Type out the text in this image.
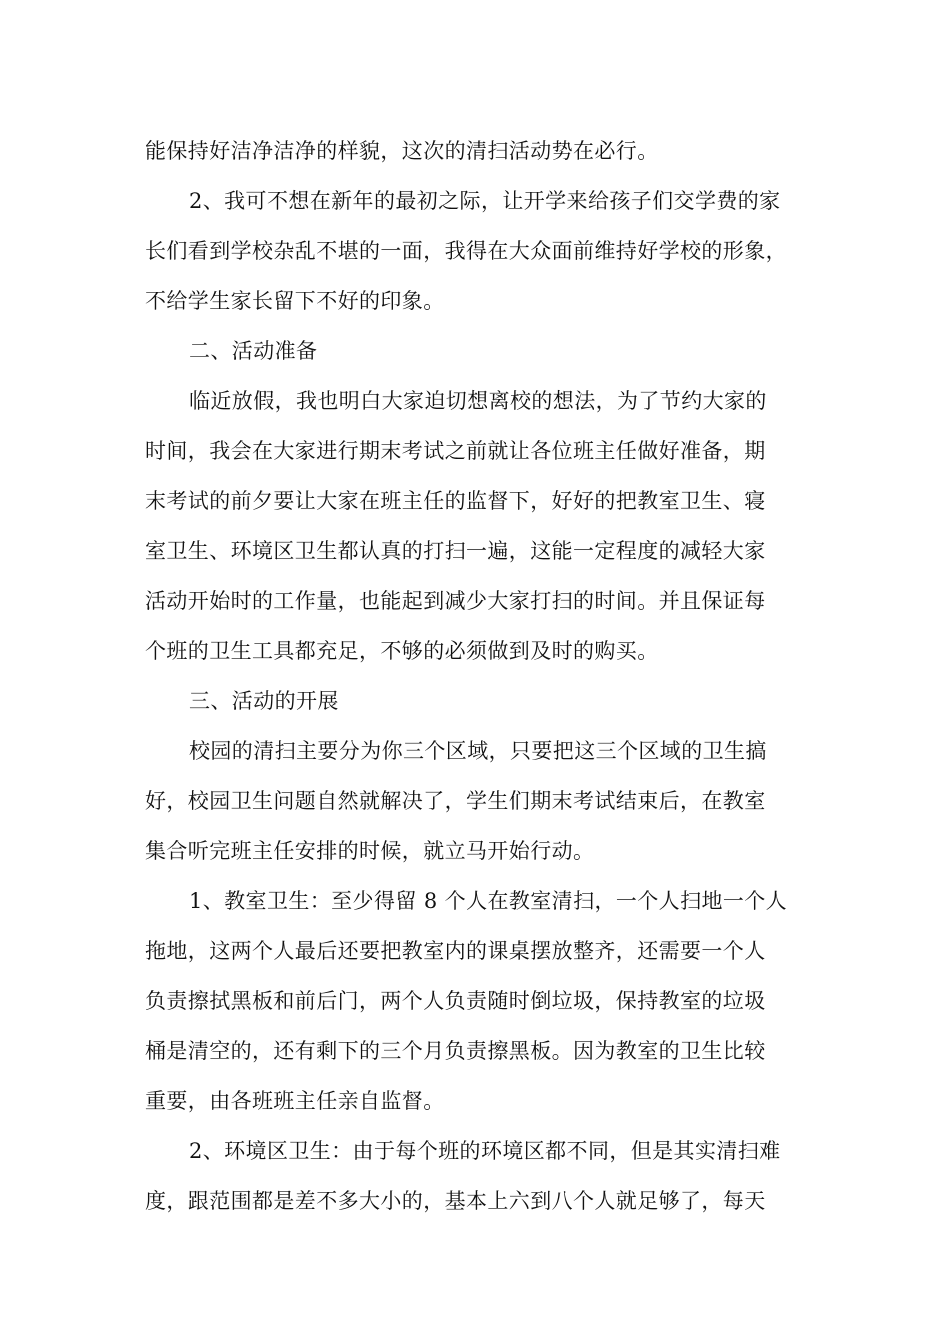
能保持好洁净洁净的样貌，这次的清扫活动势在必行。
2、我可不想在新年的最初之际，让开学来给孩子们交学费的家
长们看到学校杂乱不堪的一面，我得在大众面前维持好学校的形象，
不给学生家长留下不好的印象。
二、活动准备
临近放假，我也明白大家迫切想离校的想法，为了节约大家的
时间，我会在大家进行期末考试之前就让各位班主任做好准备，期
末考试的前夕要让大家在班主任的监督下，好好的把教室卫生、寝
室卫生、环境区卫生都认真的打扫一遍，这能一定程度的减轻大家
活动开始时的工作量，也能起到减少大家打扫的时间。并且保证每
个班的卫生工具都充足，不够的必须做到及时的购买。
三、活动的开展
校园的清扫主要分为你三个区域，只要把这三个区域的卫生搞
好，校园卫生问题自然就解决了，学生们期末考试结束后，在教室
集合听完班主任安排的时候，就立马开始行动。
1、教室卫生：至少得留 8 个人在教室清扫，一个人扫地一个人
拖地，这两个人最后还要把教室内的课桌摆放整齐，还需要一个人
负责擦拭黑板和前后门，两个人负责随时倒垃圾，保持教室的垃圾
桶是清空的，还有剩下的三个月负责擦黑板。因为教室的卫生比较
重要，由各班班主任亲自监督。
2、环境区卫生：由于每个班的环境区都不同，但是其实清扫难
度，跟范围都是差不多大小的，基本上六到八个人就足够了，每天
